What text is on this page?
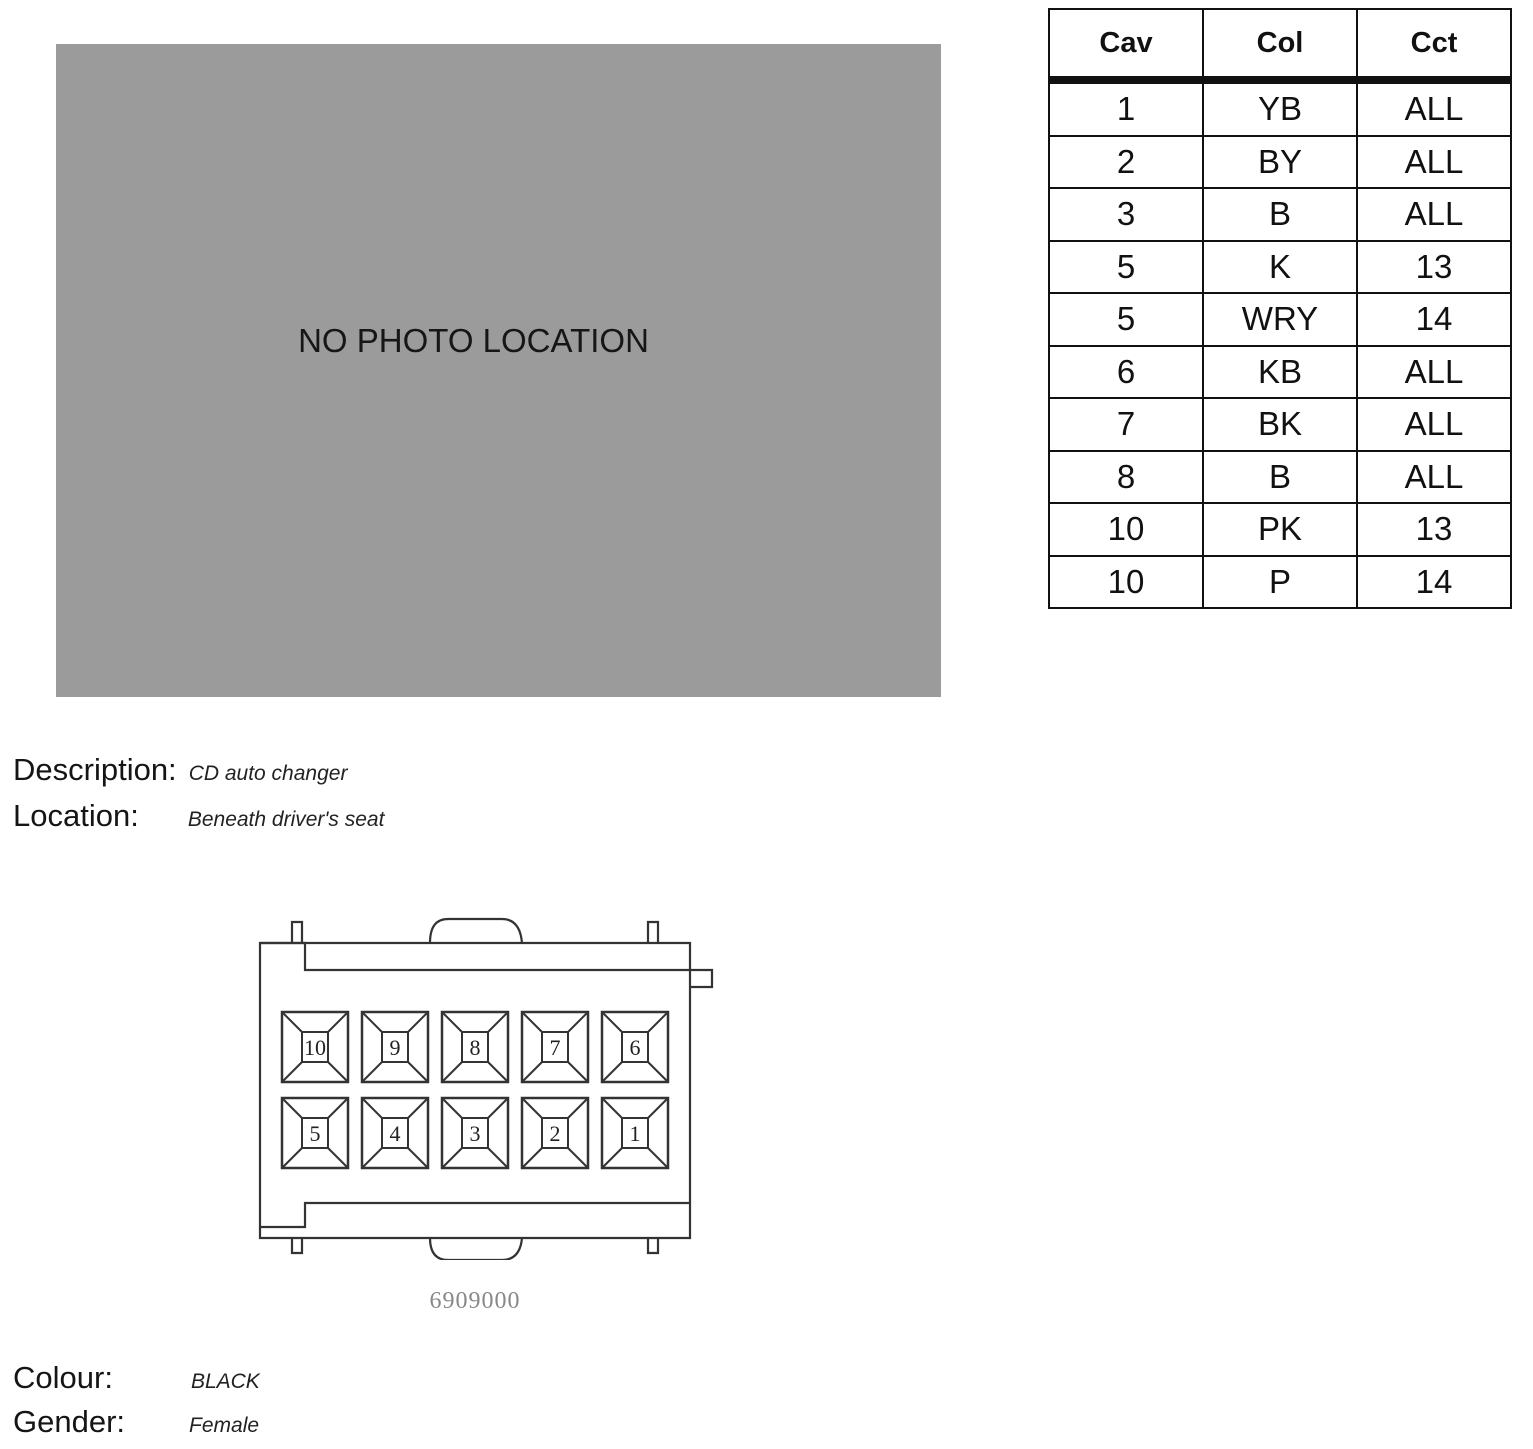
NO PHOTO LOCATION
Cav	Col	Cct
1	YB	ALL
2	BY	ALL
3	B	ALL
5	K	13
5	WRY	14
6	KB	ALL
7	BK	ALL
8	B	ALL
10	PK	13
10	P	14
Description: CD auto changer
Location: Beneath driver's seat
10	9	8	7	6
5	4	3	2	1
6909000
Colour:	BLACK
Gender:	Female
